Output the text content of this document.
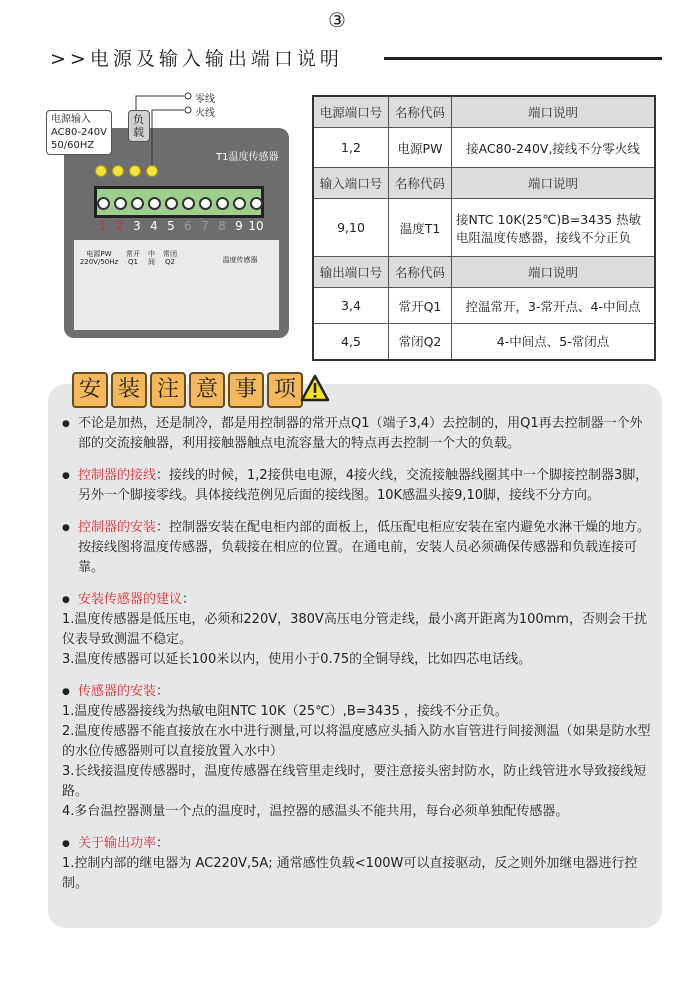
③
>>电源及输入输出端口说明
零线
火线
电源输入
AC80-240V
50/60HZ
负载
T1温度传感器
1 2 3 4 5 6 7 8 9 10
电源PW
220V/50Hz
常开 Q1
中间
常闭 Q2	温度传感器
电源端口号	名称代码	端口说明
1,2	电源PW	接AC80-240V,接线不分零火线
输入端口号	名称代码	端口说明
9,10	温度T1	接NTC 10K(25℃)B=3435 热敏电阻温度传感器，接线不分正负
输出端口号	名称代码	端口说明
3,4	常开Q1	控温常开，3-常开点、4-中间点
4,5	常闭Q2	4-中间点、5-常闭点
安 装 注 意 事 项
● 不论是加热，还是制冷，都是用控制器的常开点Q1（端子3,4）去控制的，用Q1再去控制器一个外部的交流接触器，利用接触器触点电流容量大的特点再去控制一个大的负载。
● 控制器的接线：接线的时候，1,2接供电电源，4接火线，交流接触器线圈其中一个脚接控制器3脚，另外一个脚接零线。具体接线范例见后面的接线图。10K感温头接9,10脚，接线不分方向。
● 控制器的安装：控制器安装在配电柜内部的面板上，低压配电柜应安装在室内避免水淋干燥的地方。按接线图将温度传感器，负载接在相应的位置。在通电前，安装人员必须确保传感器和负载连接可靠。
● 安装传感器的建议：
1.温度传感器是低压电，必须和220V，380V高压电分管走线，最小离开距离为100mm，否则会干扰仪表导致测温不稳定。
3.温度传感器可以延长100米以内，使用小于0.75的全铜导线，比如四芯电话线。
● 传感器的安装：
1.温度传感器接线为热敏电阻NTC 10K（25℃）,B=3435 ，接线不分正负。
2.温度传感器不能直接放在水中进行测量,可以将温度感应头插入防水盲管进行间接测温（如果是防水型的水位传感器则可以直接放置入水中）
3.长线接温度传感器时，温度传感器在线管里走线时，要注意接头密封防水，防止线管进水导致接线短路。
4.多台温控器测量一个点的温度时，温控器的感温头不能共用，每台必须单独配传感器。
● 关于输出功率：
1.控制内部的继电器为 AC220V,5A; 通常感性负载<100W可以直接驱动，反之则外加继电器进行控制。
